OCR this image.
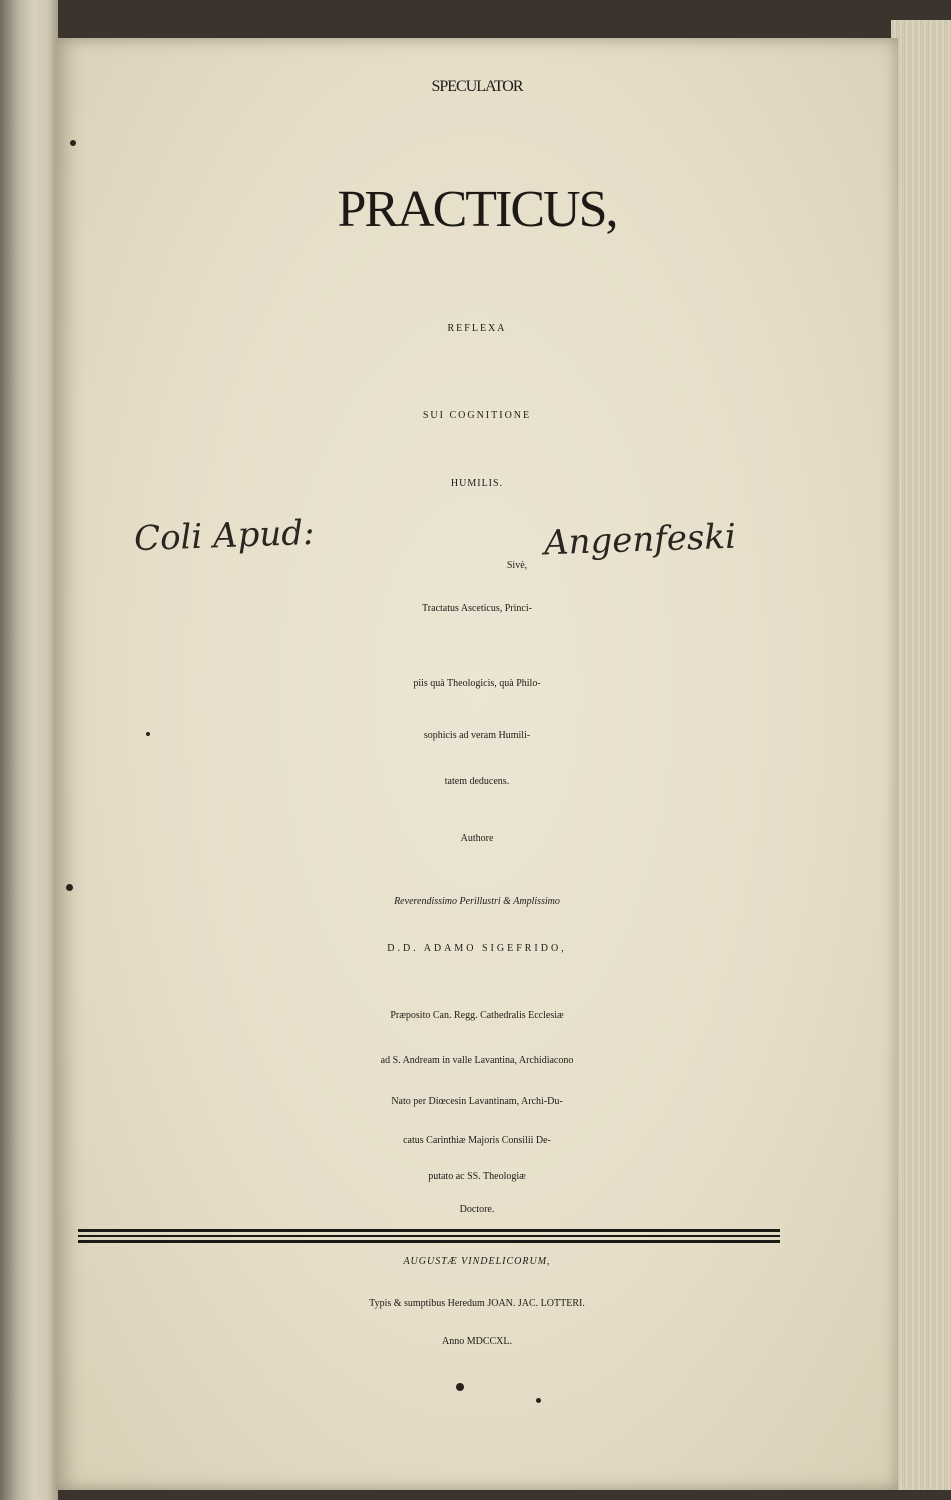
SPECULATOR

PRACTICUS,

REFLEXA

SUI COGNITIONE

HUMILIS.

Coli Apud:

Sivè,

Angenfeski

Tractatus Asceticus, Princi-

piis quà Theologicis, quà Philo-

sophicis ad veram Humili-

tatem deducens.

Authore

Reverendissimo Perillustri & Amplissimo

D.D. ADAMO SIGEFRIDO,

Præposito Can. Regg. Cathedralis Ecclesiæ

ad S. Andream in valle Lavantina, Archidiacono

Nato per Diœcesin Lavantinam, Archi-Du-

catus Carinthiæ Majoris Consilii De-

putato ac SS. Theologiæ

Doctore.

AUGUSTÆ VINDELICORUM,

Typis & sumptibus Heredum JOAN. JAC. LOTTERI.

Anno MDCCXL.
